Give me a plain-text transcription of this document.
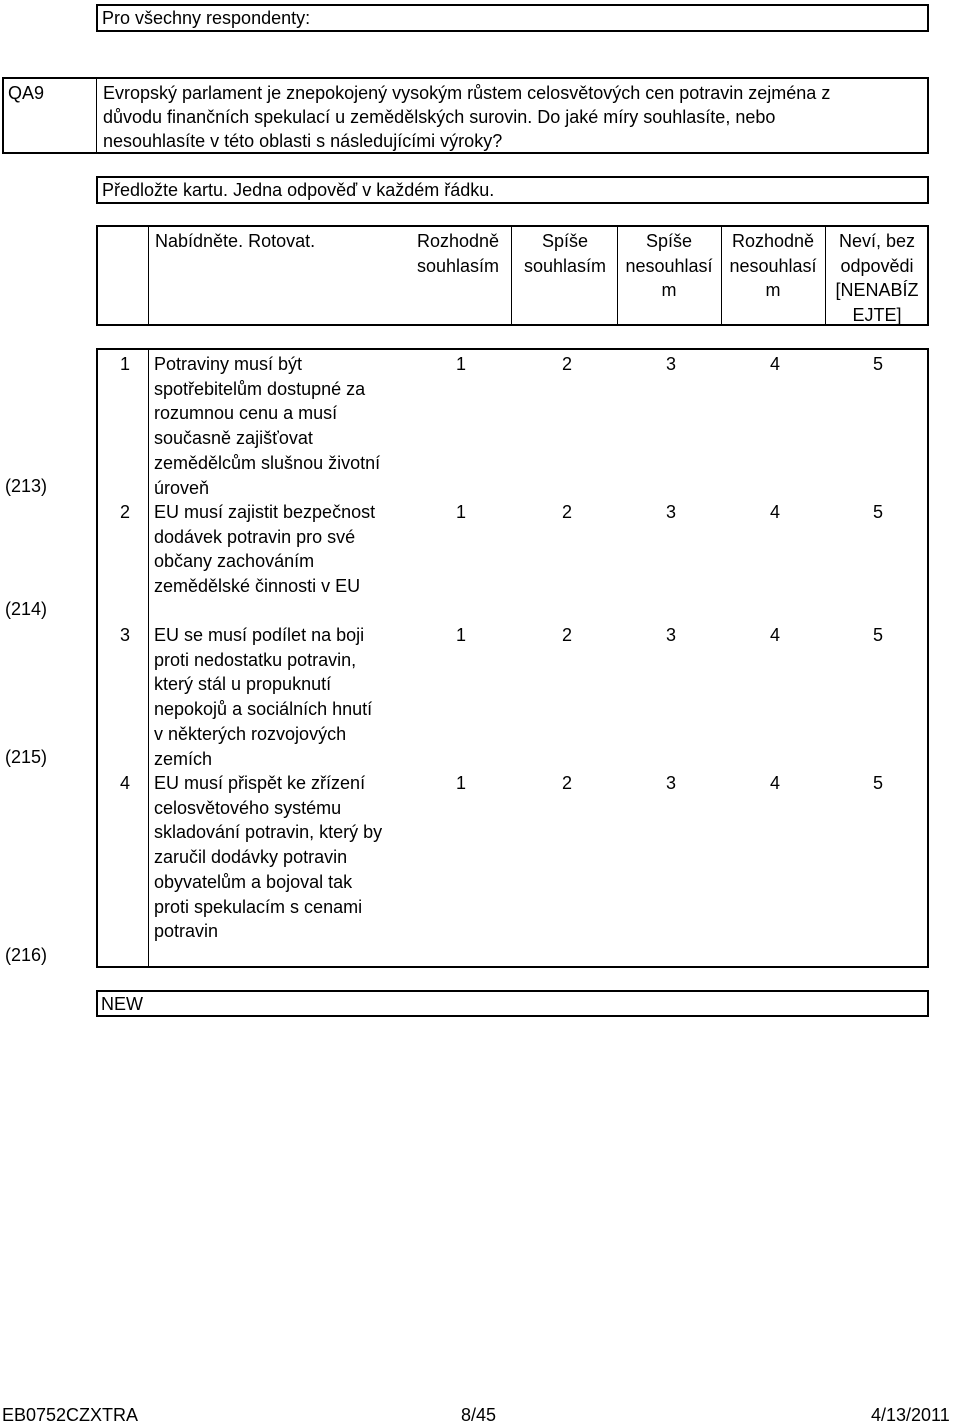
Pro všechny respondenty:
QA9	Evropský parlament je znepokojený vysokým růstem celosvětových cen potravin zejména z
důvodu finančních spekulací u zemědělských surovin. Do jaké míry souhlasíte, nebo
nesouhlasíte v této oblasti s následujícími výroky?
Předložte kartu. Jedna odpověď v každém řádku.
Nabídněte. Rotovat.	Rozhodně
souhlasím
Spíše
souhlasím
Spíše
nesouhlasí
m
Rozhodně
nesouhlasí
m
Neví, bez
odpovědi
[NENABÍZ
EJTE]
(213)
(214)
(215)
(216)
1 Potraviny musí být
spotřebitelům dostupné za
rozumnou cenu a musí
současně zajišťovat
zemědělcům slušnou životní
úroveň
1	2	3	4	5
2 EU musí zajistit bezpečnost
dodávek potravin pro své
občany zachováním
zemědělské činnosti v EU
1	2	3	4	5
3 EU se musí podílet na boji
proti nedostatku potravin,
který stál u propuknutí
nepokojů a sociálních hnutí
v některých rozvojových
zemích
1	2	3	4	5
4 EU musí přispět ke zřízení
celosvětového systému
skladování potravin, který by
zaručil dodávky potravin
obyvatelům a bojoval tak
proti spekulacím s cenami
potravin
1	2	3	4	5
NEW
EB0752CZXTRA	8/45	4/13/2011
